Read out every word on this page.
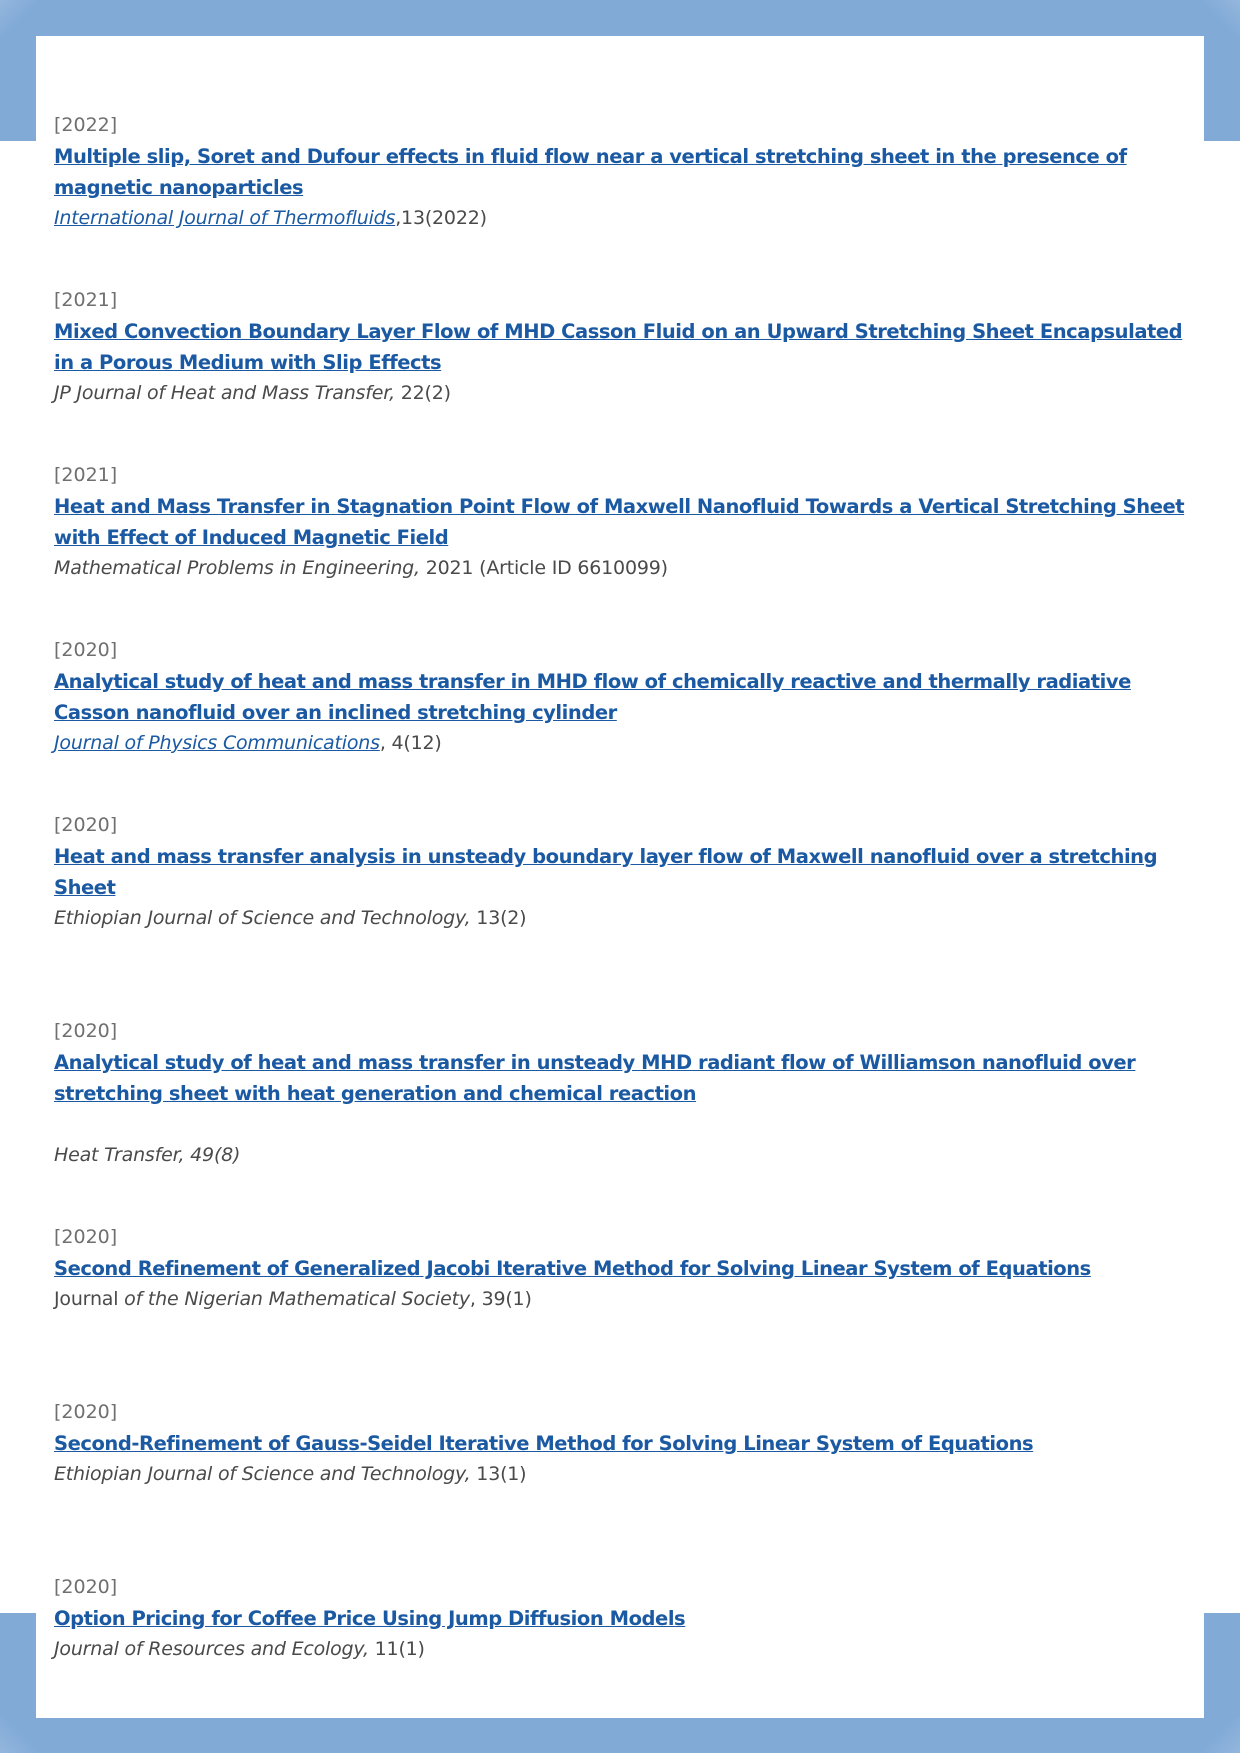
[2022]
Multiple slip, Soret and Dufour effects in fluid flow near a vertical stretching sheet in the presence of magnetic nanoparticles
International Journal of Thermofluids,13(2022)
[2021]
Mixed Convection Boundary Layer Flow of MHD Casson Fluid on an Upward Stretching Sheet Encapsulated in a Porous Medium with Slip Effects
JP Journal of Heat and Mass Transfer, 22(2)
[2021]
Heat and Mass Transfer in Stagnation Point Flow of Maxwell Nanofluid Towards a Vertical Stretching Sheet with Effect of Induced Magnetic Field
Mathematical Problems in Engineering, 2021 (Article ID 6610099)
[2020]
Analytical study of heat and mass transfer in MHD flow of chemically reactive and thermally radiative Casson nanofluid over an inclined stretching cylinder
Journal of Physics Communications, 4(12)
[2020]
Heat and mass transfer analysis in unsteady boundary layer flow of Maxwell nanofluid over a stretching Sheet
Ethiopian Journal of Science and Technology, 13(2)
[2020]
Analytical study of heat and mass transfer in unsteady MHD radiant flow of Williamson nanofluid over stretching sheet with heat generation and chemical reaction
Heat Transfer, 49(8)
[2020]
Second Refinement of Generalized Jacobi Iterative Method for Solving Linear System of Equations
Journal of the Nigerian Mathematical Society, 39(1)
[2020]
Second-Refinement of Gauss-Seidel Iterative Method for Solving Linear System of Equations
Ethiopian Journal of Science and Technology, 13(1)
[2020]
Option Pricing for Coffee Price Using Jump Diffusion Models
Journal of Resources and Ecology, 11(1)
